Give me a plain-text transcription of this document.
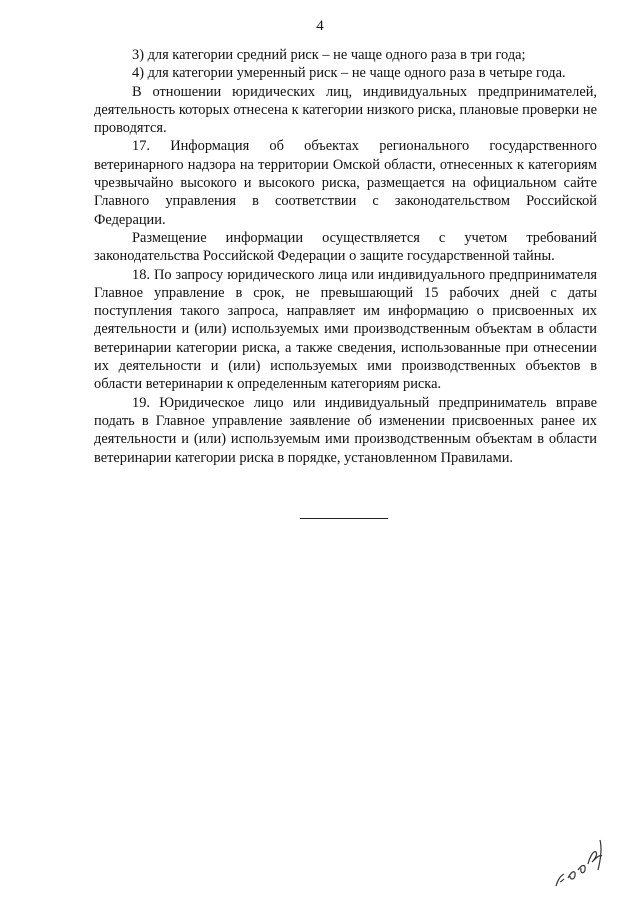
4

3) для категории средний риск – не чаще одного раза в три года;

4) для категории умеренный риск – не чаще одного раза в четыре года.

В отношении юридических лиц, индивидуальных предпринимателей, деятельность которых отнесена к категории низкого риска, плановые проверки не проводятся.

17. Информация об объектах регионального государственного ветеринарного надзора на территории Омской области, отнесенных к категориям чрезвычайно высокого и высокого риска, размещается на официальном сайте Главного управления в соответствии с законодательством Российской Федерации.

Размещение информации осуществляется с учетом требований законодательства Российской Федерации о защите государственной тайны.

18. По запросу юридического лица или индивидуального предпринимателя Главное управление в срок, не превышающий 15 рабочих дней с даты поступления такого запроса, направляет им информацию о присвоенных их деятельности и (или) используемых ими производственным объектам в области ветеринарии категории риска, а также сведения, использованные при отнесении их деятельности и (или) используемых ими производственных объектов в области ветеринарии к определенным категориям риска.

19. Юридическое лицо или индивидуальный предприниматель вправе подать в Главное управление заявление об изменении присвоенных ранее их деятельности и (или) используемым ими производственным объектам в области ветеринарии категории риска в порядке, установленном Правилами.
